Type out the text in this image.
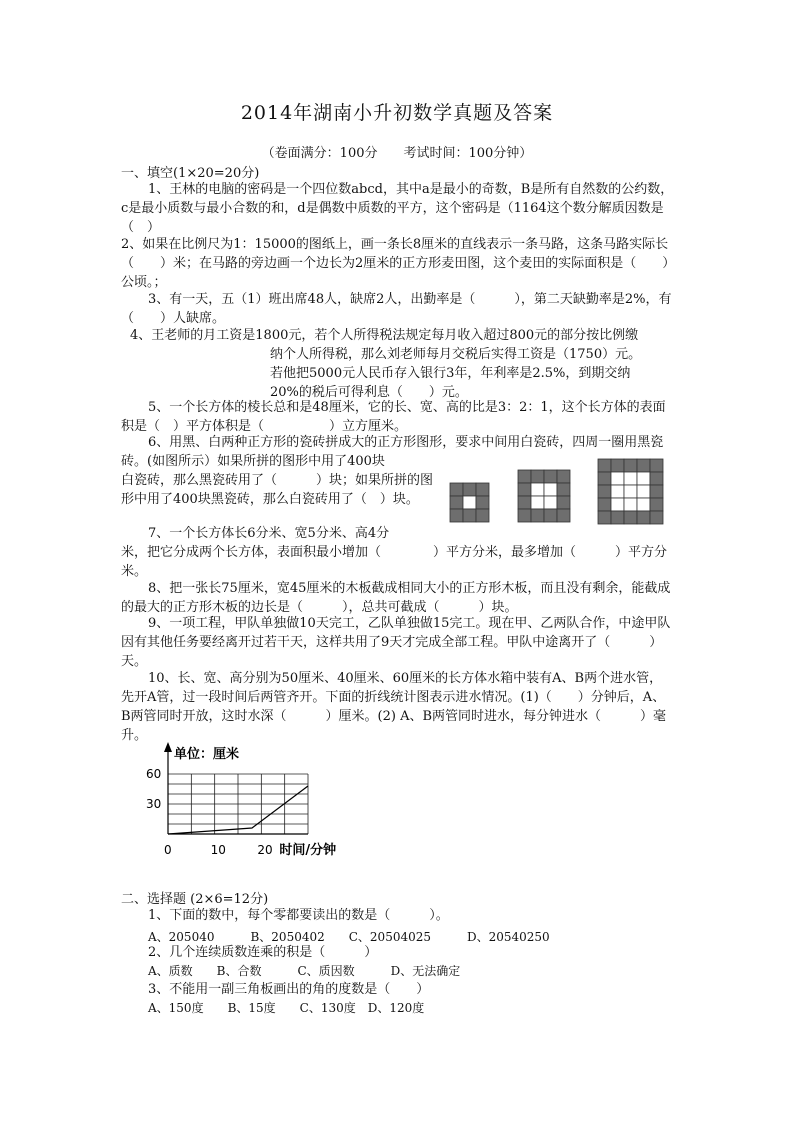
2014年湖南小升初数学真题及答案
（卷面满分：100分　　考试时间：100分钟）
一、填空(1×20=20分)

1、王林的电脑的密码是一个四位数abcd，其中a是最小的奇数，B是所有自然数的公约数，c是最小质数与最小合数的和，d是偶数中质数的平方，这个密码是（1164这个数分解质因数是（　）

2、如果在比例尺为1：15000的图纸上，画一条长8厘米的直线表示一条马路，这条马路实际长（　　）米；在马路的旁边画一个边长为2厘米的正方形麦田图，这个麦田的实际面积是（　　）公顷。；

3、有一天，五（1）班出席48人，缺席2人，出勤率是（　　　），第二天缺勤率是2%，有（　　）人缺席。

4、王老师的月工资是1800元，若个人所得税法规定每月收入超过800元的部分按比例缴

纳个人所得税，那么刘老师每月交税后实得工资是（1750）元。

若他把5000元人民币存入银行3年，年利率是2.5%，到期交纳

20%的税后可得利息（　　）元。

5、一个长方体的棱长总和是48厘米，它的长、宽、高的比是3：2：1，这个长方体的表面积是（　）平方体积是（　　　　　）立方厘米。

6、用黑、白两种正方形的瓷砖拼成大的正方形图形，要求中间用白瓷砖，四周一圈用黑瓷砖。(如图所示）如果所拼的图形中用了400块

白瓷砖，那么黑瓷砖用了（　　　）块；如果所拼的图形中用了400块黑瓷砖，那么白瓷砖用了（　）块。

7、一个长方体长6分米、宽5分米、高4分

米，把它分成两个长方体，表面积最小增加（　　　　）平方分米，最多增加（　　　）平方分米。

8、把一张长75厘米，宽45厘米的木板截成相同大小的正方形木板，而且没有剩余，能截成的最大的正方形木板的边长是（　　　），总共可截成（　　　）块。

9、一项工程，甲队单独做10天完工，乙队单独做15完工。现在甲、乙两队合作，中途甲队因有其他任务要经离开过若干天，这样共用了9天才完成全部工程。甲队中途离开了（　　　）天。

10、长、宽、高分别为50厘米、40厘米、60厘米的长方体水箱中装有A、B两个进水管，先开A管，过一段时间后两管齐开。下面的折线统计图表示进水情况。(1)（　　）分钟后，A、B两管同时开放，这时水深（　　　）厘米。(2) A、B两管同时进水，每分钟进水（　　　）毫升。

单位：厘米
30
60
0	10	20 时间/分钟
二、选择题 (2×6=12分)

1、下面的数中，每个零都要读出的数是（　　　）。

A、205040　　　B、2050402　　C、20504025　　　D、20540250

2、几个连续质数连乘的积是（　　　）

A、质数　　B、合数　　　C、质因数　　　D、无法确定

3、不能用一副三角板画出的角的度数是（　　）

A、150度　　B、15度　　C、130度　D、120度
